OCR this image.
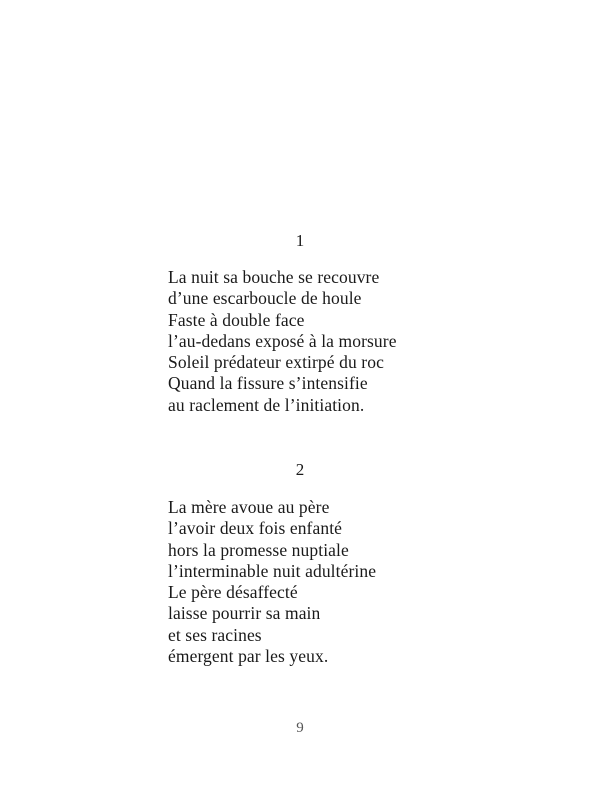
1

La nuit sa bouche se recouvre
d’une escarboucle de houle
Faste à double face
l’au-dedans exposé à la morsure
Soleil prédateur extirpé du roc
Quand la fissure s’intensifie
au raclement de l’initiation.

2

La mère avoue au père
l’avoir deux fois enfanté
hors la promesse nuptiale
l’interminable nuit adultérine
Le père désaffecté
laisse pourrir sa main
et ses racines
émergent par les yeux.

9
